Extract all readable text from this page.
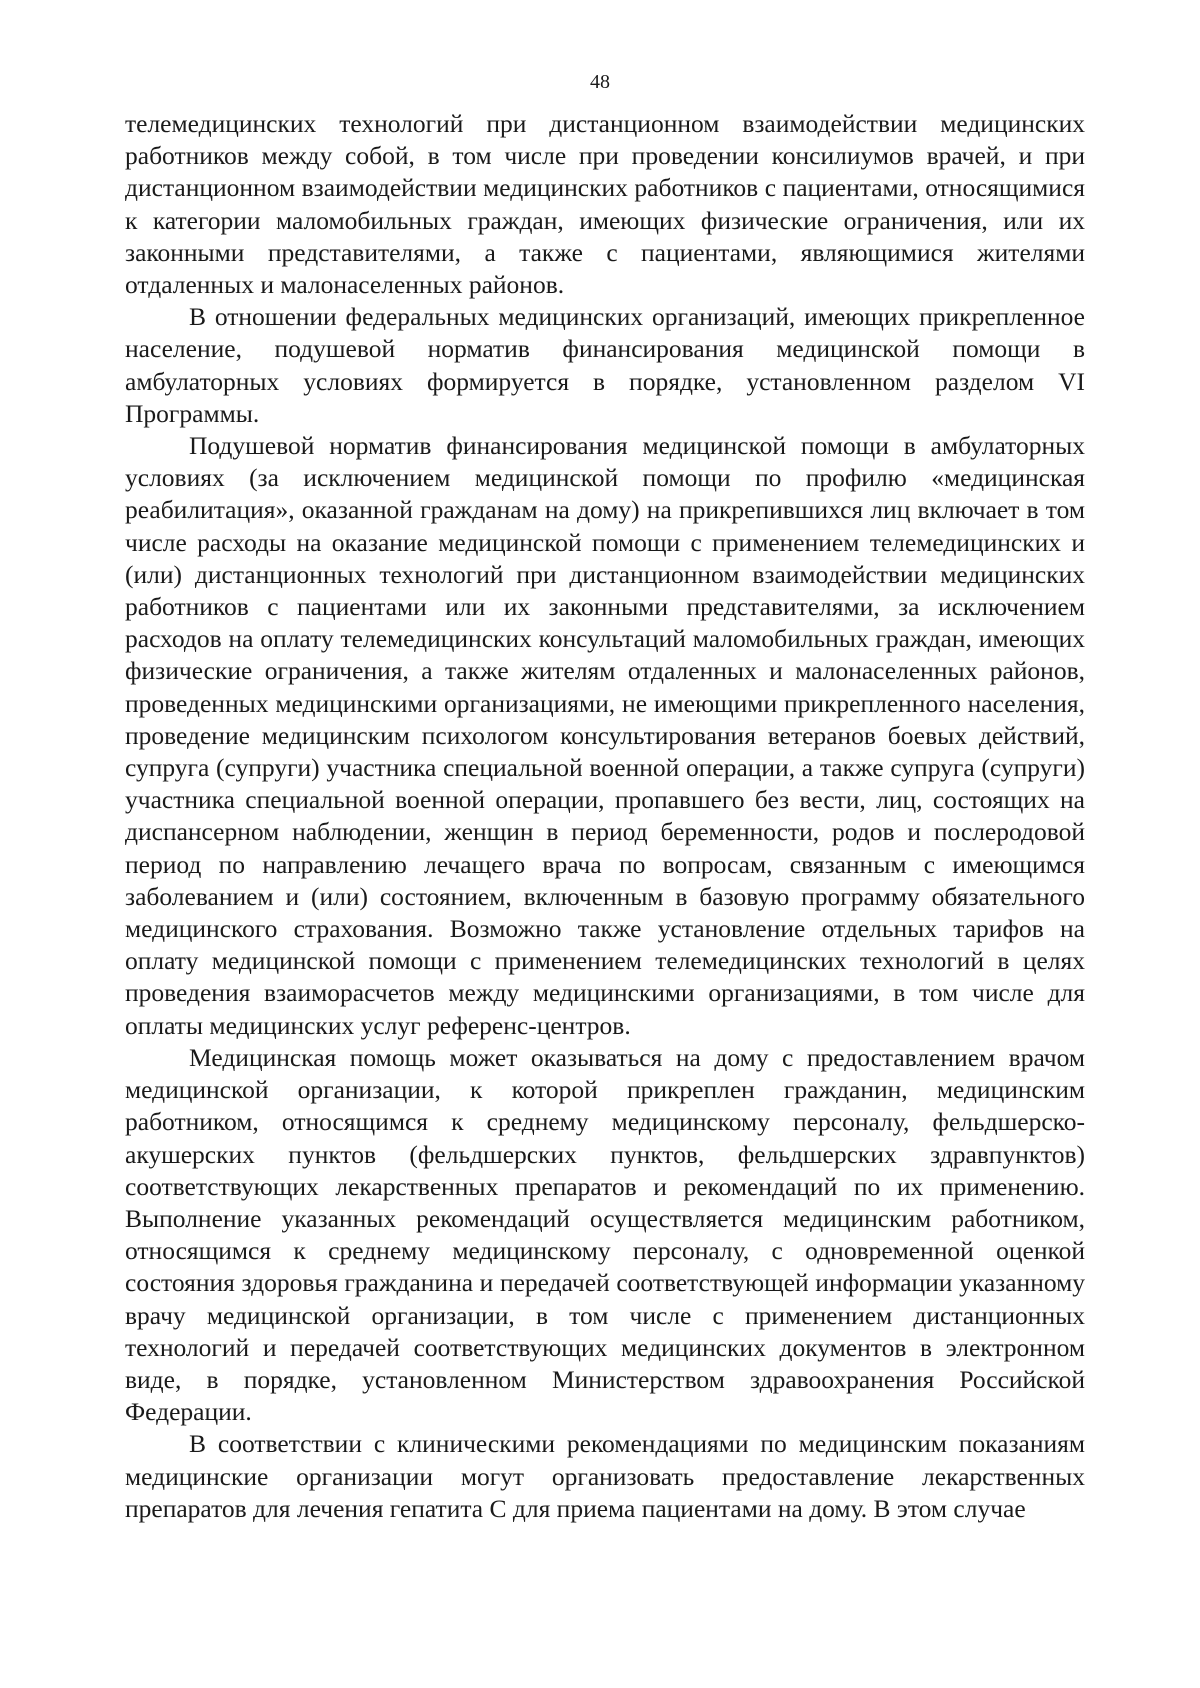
48

телемедицинских технологий при дистанционном взаимодействии медицинских работников между собой, в том числе при проведении консилиумов врачей, и при дистанционном взаимодействии медицинских работников с пациентами, относящимися к категории маломобильных граждан, имеющих физические ограничения, или их законными представителями, а также с пациентами, являющимися жителями отдаленных и малонаселенных районов.

В отношении федеральных медицинских организаций, имеющих прикрепленное население, подушевой норматив финансирования медицинской помощи в амбулаторных условиях формируется в порядке, установленном разделом VI Программы.

Подушевой норматив финансирования медицинской помощи в амбулаторных условиях (за исключением медицинской помощи по профилю «медицинская реабилитация», оказанной гражданам на дому) на прикрепившихся лиц включает в том числе расходы на оказание медицинской помощи с применением телемедицинских и (или) дистанционных технологий при дистанционном взаимодействии медицинских работников с пациентами или их законными представителями, за исключением расходов на оплату телемедицинских консультаций маломобильных граждан, имеющих физические ограничения, а также жителям отдаленных и малонаселенных районов, проведенных медицинскими организациями, не имеющими прикрепленного населения, проведение медицинским психологом консультирования ветеранов боевых действий, супруга (супруги) участника специальной военной операции, а также супруга (супруги) участника специальной военной операции, пропавшего без вести, лиц, состоящих на диспансерном наблюдении, женщин в период беременности, родов и послеродовой период по направлению лечащего врача по вопросам, связанным с имеющимся заболеванием и (или) состоянием, включенным в базовую программу обязательного медицинского страхования. Возможно также установление отдельных тарифов на оплату медицинской помощи с применением телемедицинских технологий в целях проведения взаиморасчетов между медицинскими организациями, в том числе для оплаты медицинских услуг референс-центров.

Медицинская помощь может оказываться на дому с предоставлением врачом медицинской организации, к которой прикреплен гражданин, медицинским работником, относящимся к среднему медицинскому персоналу, фельдшерско-акушерских пунктов (фельдшерских пунктов, фельдшерских здравпунктов) соответствующих лекарственных препаратов и рекомендаций по их применению. Выполнение указанных рекомендаций осуществляется медицинским работником, относящимся к среднему медицинскому персоналу, с одновременной оценкой состояния здоровья гражданина и передачей соответствующей информации указанному врачу медицинской организации, в том числе с применением дистанционных технологий и передачей соответствующих медицинских документов в электронном виде, в порядке, установленном Министерством здравоохранения Российской Федерации.

В соответствии с клиническими рекомендациями по медицинским показаниям медицинские организации могут организовать предоставление лекарственных препаратов для лечения гепатита С для приема пациентами на дому. В этом случае
